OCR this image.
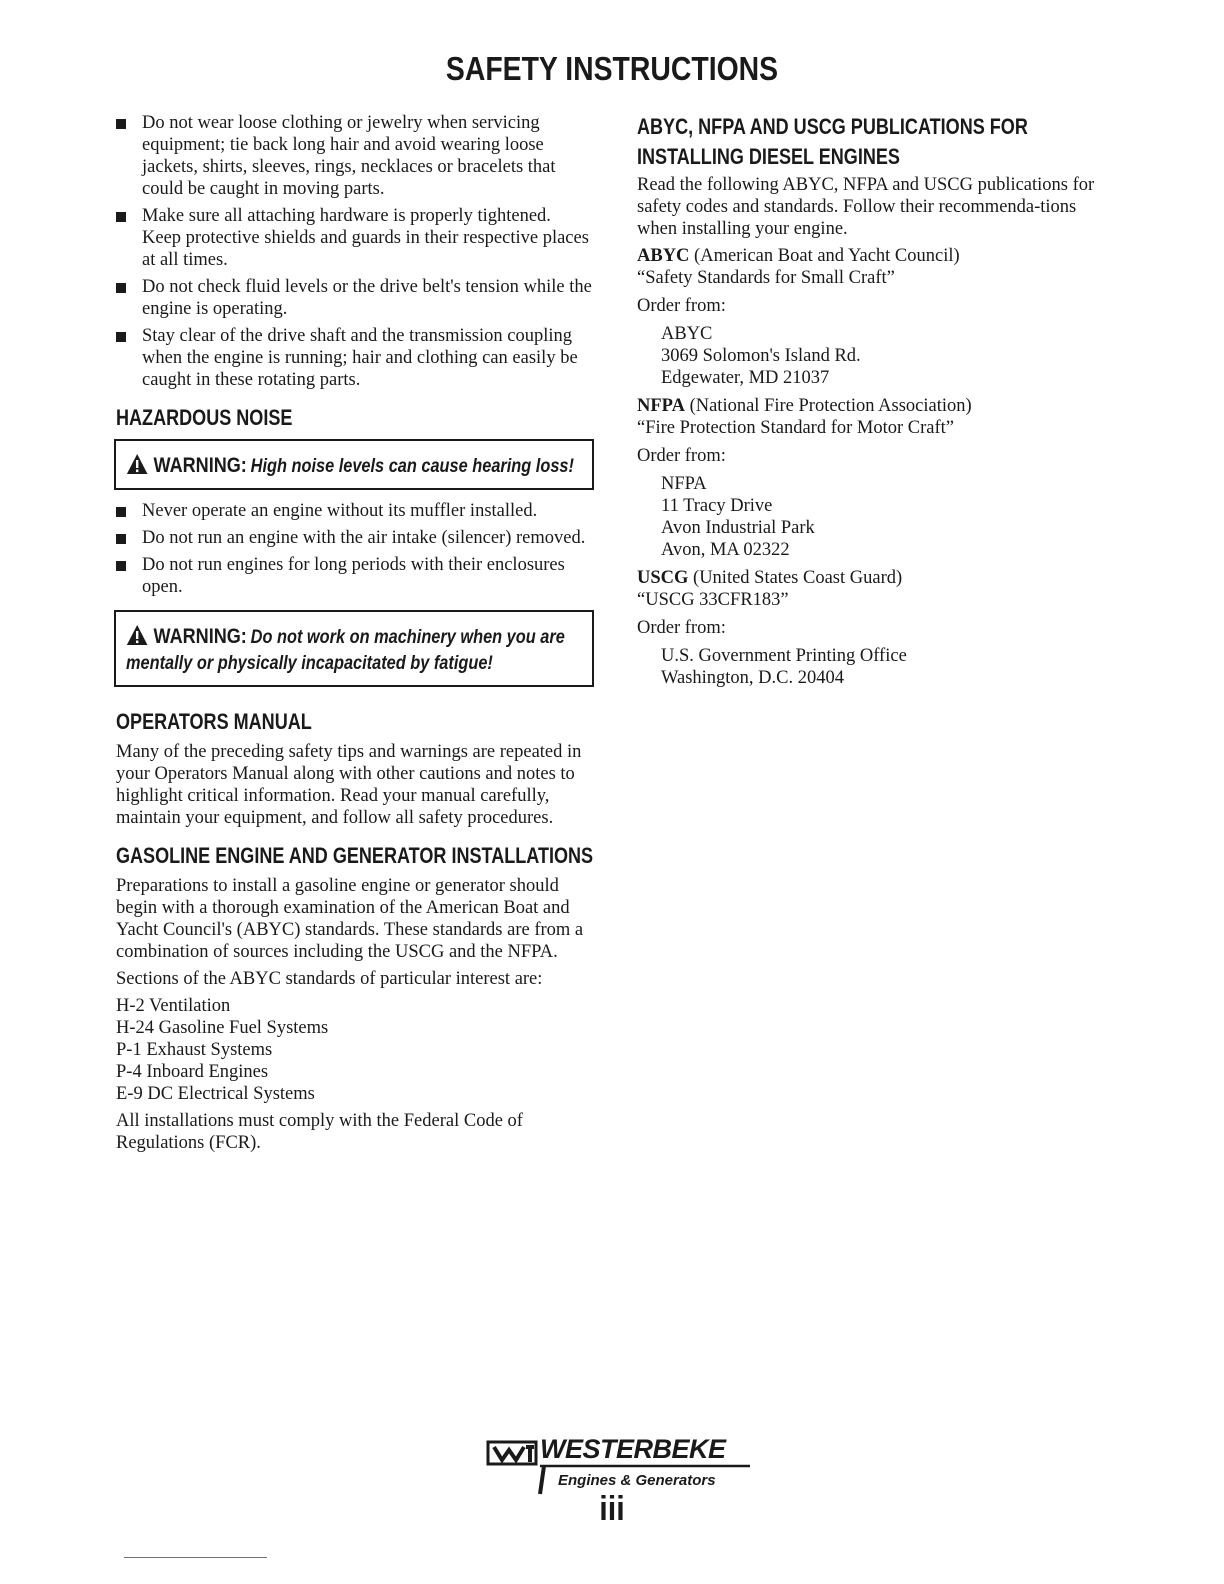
SAFETY INSTRUCTIONS
Do not wear loose clothing or jewelry when servicing equipment; tie back long hair and avoid wearing loose jackets, shirts, sleeves, rings, necklaces or bracelets that could be caught in moving parts.
Make sure all attaching hardware is properly tightened. Keep protective shields and guards in their respective places at all times.
Do not check fluid levels or the drive belt's tension while the engine is operating.
Stay clear of the drive shaft and the transmission coupling when the engine is running; hair and clothing can easily be caught in these rotating parts.
HAZARDOUS NOISE
WARNING: High noise levels can cause hearing loss!
Never operate an engine without its muffler installed.
Do not run an engine with the air intake (silencer) removed.
Do not run engines for long periods with their enclosures open.
WARNING: Do not work on machinery when you are mentally or physically incapacitated by fatigue!
OPERATORS MANUAL

Many of the preceding safety tips and warnings are repeated in your Operators Manual along with other cautions and notes to highlight critical information. Read your manual carefully, maintain your equipment, and follow all safety procedures.

GASOLINE ENGINE AND GENERATOR INSTALLATIONS

Preparations to install a gasoline engine or generator should begin with a thorough examination of the American Boat and Yacht Council's (ABYC) standards. These standards are from a combination of sources including the USCG and the NFPA.

Sections of the ABYC standards of particular interest are:

H-2 Ventilation
H-24 Gasoline Fuel Systems
P-1 Exhaust Systems
P-4 Inboard Engines
E-9 DC Electrical Systems

All installations must comply with the Federal Code of Regulations (FCR).

ABYC, NFPA AND USCG PUBLICATIONS FOR
INSTALLING DIESEL ENGINES

Read the following ABYC, NFPA and USCG publications for safety codes and standards. Follow their recommenda-tions when installing your engine.

ABYC (American Boat and Yacht Council)
“Safety Standards for Small Craft”
Order from:
ABYC
3069 Solomon's Island Rd.
Edgewater, MD 21037
NFPA (National Fire Protection Association)
“Fire Protection Standard for Motor Craft”
Order from:
NFPA
11 Tracy Drive
Avon Industrial Park
Avon, MA 02322
USCG (United States Coast Guard)
“USCG 33CFR183”
Order from:
U.S. Government Printing Office
Washington, D.C. 20404
WESTERBEKE
Engines & Generators
iii
